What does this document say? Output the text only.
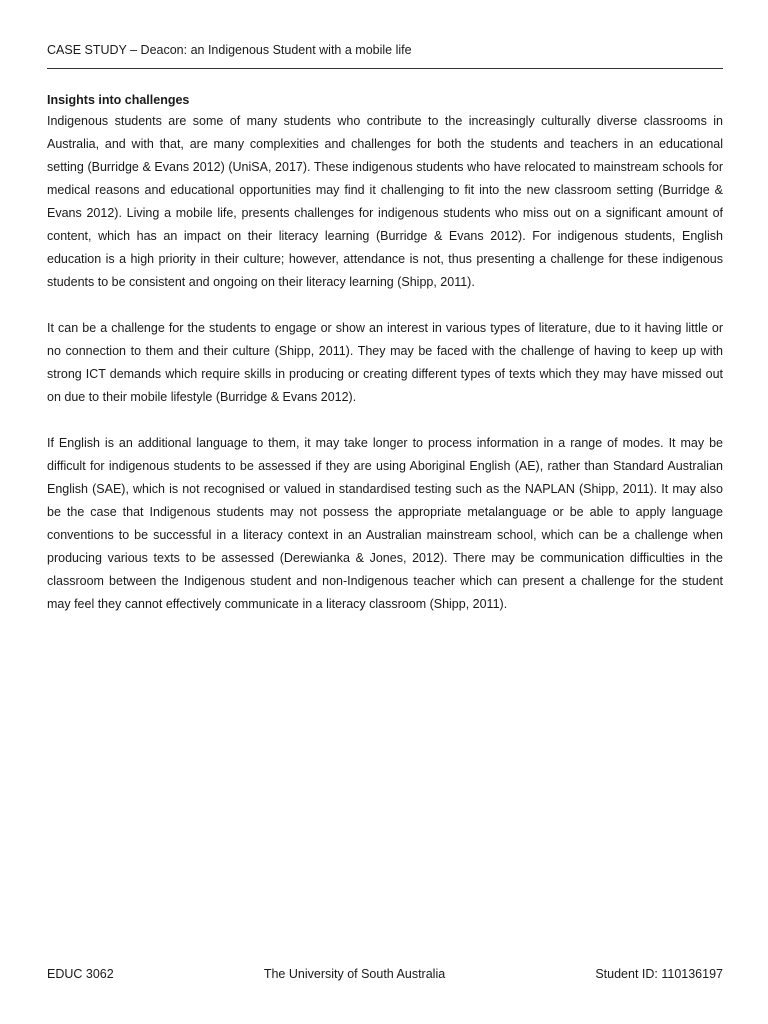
CASE STUDY – Deacon: an Indigenous Student with a mobile life

Insights into challenges

Indigenous students are some of many students who contribute to the increasingly culturally diverse classrooms in Australia, and with that, are many complexities and challenges for both the students and teachers in an educational setting (Burridge & Evans 2012) (UniSA, 2017). These indigenous students who have relocated to mainstream schools for medical reasons and educational opportunities may find it challenging to fit into the new classroom setting (Burridge & Evans 2012). Living a mobile life, presents challenges for indigenous students who miss out on a significant amount of content, which has an impact on their literacy learning (Burridge & Evans 2012). For indigenous students, English education is a high priority in their culture; however, attendance is not, thus presenting a challenge for these indigenous students to be consistent and ongoing on their literacy learning (Shipp, 2011).

It can be a challenge for the students to engage or show an interest in various types of literature, due to it having little or no connection to them and their culture (Shipp, 2011). They may be faced with the challenge of having to keep up with strong ICT demands which require skills in producing or creating different types of texts which they may have missed out on due to their mobile lifestyle (Burridge & Evans 2012).

If English is an additional language to them, it may take longer to process information in a range of modes. It may be difficult for indigenous students to be assessed if they are using Aboriginal English (AE), rather than Standard Australian English (SAE), which is not recognised or valued in standardised testing such as the NAPLAN (Shipp, 2011). It may also be the case that Indigenous students may not possess the appropriate metalanguage or be able to apply language conventions to be successful in a literacy context in an Australian mainstream school, which can be a challenge when producing various texts to be assessed (Derewianka & Jones, 2012). There may be communication difficulties in the classroom between the Indigenous student and non-Indigenous teacher which can present a challenge for the student may feel they cannot effectively communicate in a literacy classroom (Shipp, 2011).

EDUC 3062	The University of South Australia	Student ID: 110136197
